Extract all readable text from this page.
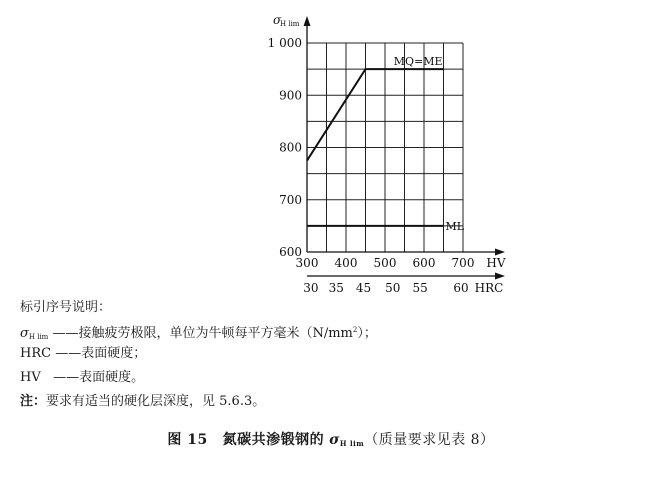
σ
H lim
600
700
800
900
1 000
300 400 500 600 700 HV
30 35 45 50 55 60 HRC
MQ=ME
ML
标引序号说明：
$\sigma_{H lim}$ ——接触疲劳极限，单位为牛顿每平方毫米$(N/mm^2)$；
HRC ——表面硬度；
HV ——表面硬度。
注：要求有适当的硬化层深度，见 5.6.3。
图 15 氮碳共渗锻钢的 $\sigma_{H lim}$（质量要求见表 8）
